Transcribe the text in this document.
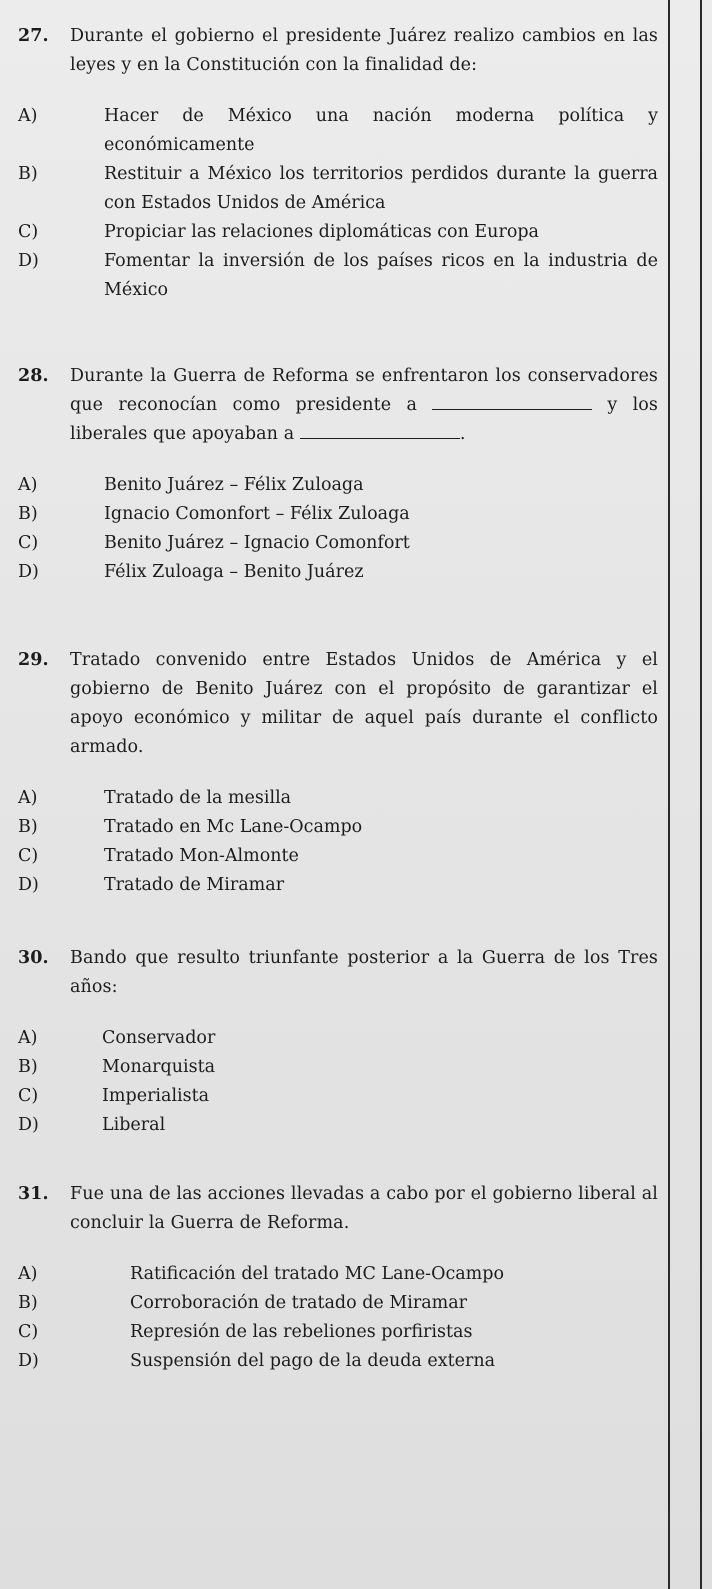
27. Durante el gobierno el presidente Juárez realizo cambios en las leyes y en la Constitución con la finalidad de:
A)	Hacer de México una nación moderna política y económicamente
B)	Restituir a México los territorios perdidos durante la guerra con Estados Unidos de América
C)	Propiciar las relaciones diplomáticas con Europa
D)	Fomentar la inversión de los países ricos en la industria de México
28. Durante la Guerra de Reforma se enfrentaron los conservadores que reconocían como presidente a	y los liberales que apoyaban a	.
A)	Benito Juárez – Félix Zuloaga
B)	Ignacio Comonfort – Félix Zuloaga
C)	Benito Juárez – Ignacio Comonfort
D)	Félix Zuloaga – Benito Juárez
29. Tratado convenido entre Estados Unidos de América y el gobierno de Benito Juárez con el propósito de garantizar el apoyo económico y militar de aquel país durante el conflicto armado.
A)	Tratado de la mesilla
B)	Tratado en Mc Lane-Ocampo
C)	Tratado Mon-Almonte
D)	Tratado de Miramar
30. Bando que resulto triunfante posterior a la Guerra de los Tres años:
A)	Conservador
B)	Monarquista
C)	Imperialista
D)	Liberal
31. Fue una de las acciones llevadas a cabo por el gobierno liberal al concluir la Guerra de Reforma.
A)	Ratificación del tratado MC Lane-Ocampo
B)	Corroboración de tratado de Miramar
C)	Represión de las rebeliones porfiristas
D)	Suspensión del pago de la deuda externa
